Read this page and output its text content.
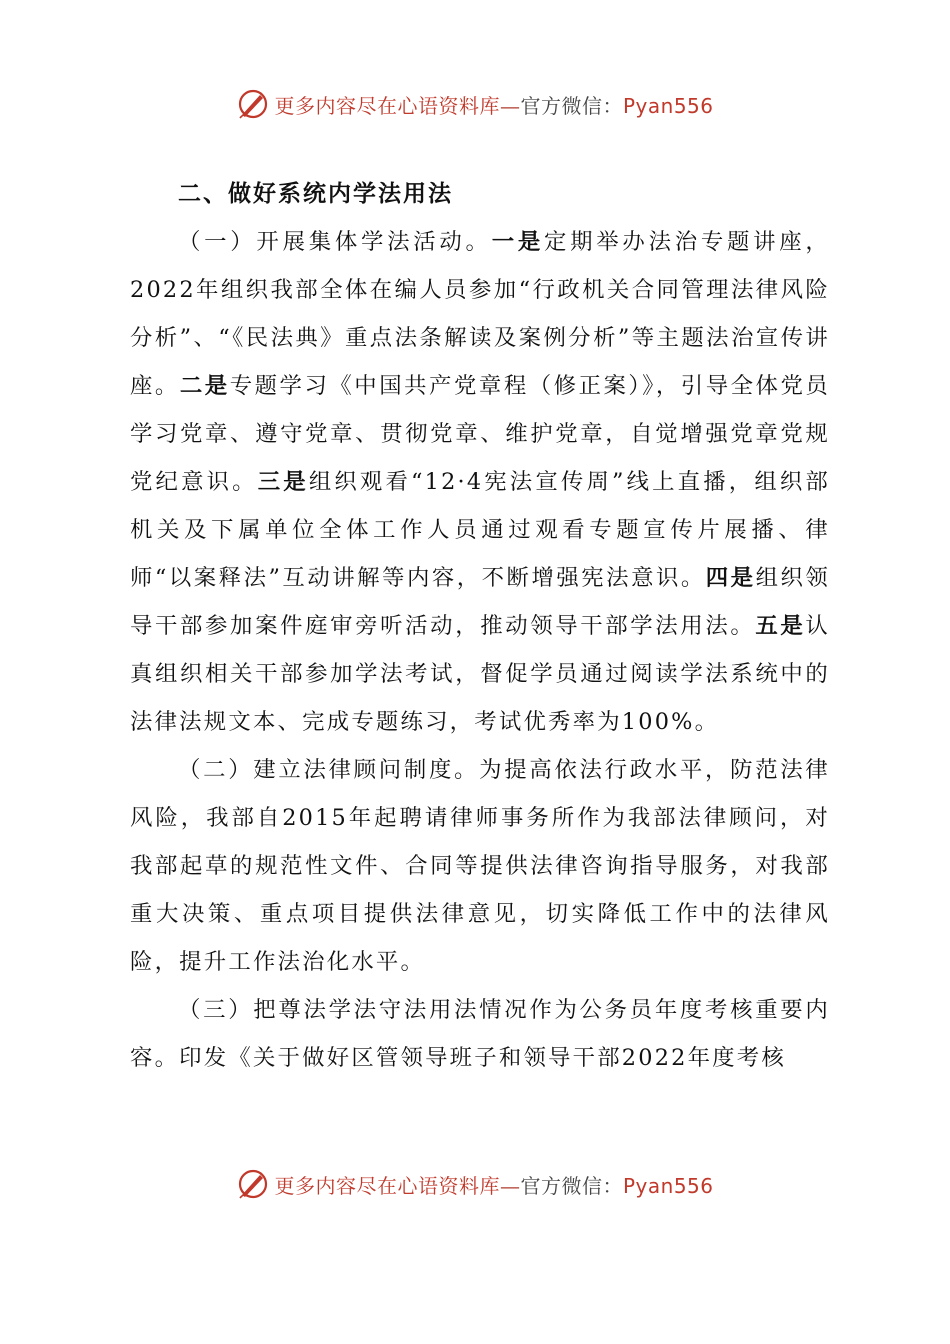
更多内容尽在心语资料库—官方微信：Pyan556
二、做好系统内学法用法

（一）开展集体学法活动。一是定期举办法治专题讲座，2022年组织我部全体在编人员参加“行政机关合同管理法律风险分析”、“《民法典》重点法条解读及案例分析”等主题法治宣传讲座。二是专题学习《中国共产党章程（修正案）》，引导全体党员学习党章、遵守党章、贯彻党章、维护党章，自觉增强党章党规党纪意识。三是组织观看“12·4宪法宣传周”线上直播，组织部机关及下属单位全体工作人员通过观看专题宣传片展播、律师“以案释法”互动讲解等内容，不断增强宪法意识。四是组织领导干部参加案件庭审旁听活动，推动领导干部学法用法。五是认真组织相关干部参加学法考试，督促学员通过阅读学法系统中的法律法规文本、完成专题练习，考试优秀率为100%。

（二）建立法律顾问制度。为提高依法行政水平，防范法律风险，我部自2015年起聘请律师事务所作为我部法律顾问，对我部起草的规范性文件、合同等提供法律咨询指导服务，对我部重大决策、重点项目提供法律意见，切实降低工作中的法律风险，提升工作法治化水平。

（三）把尊法学法守法用法情况作为公务员年度考核重要内容。印发《关于做好区管领导班子和领导干部2022年度考核

更多内容尽在心语资料库—官方微信：Pyan556
